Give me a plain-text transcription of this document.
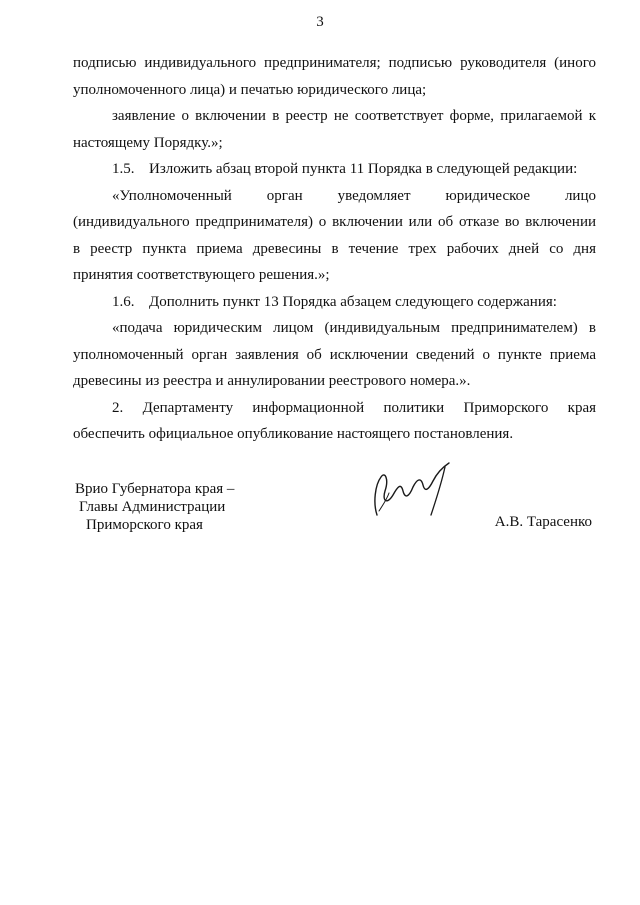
3
подписью индивидуального предпринимателя; подписью руководителя (иного
уполномоченного лица) и печатью юридического лица;
заявление о включении в реестр не соответствует форме, прилагаемой к
настоящему Порядку.»;
1.5. Изложить абзац второй пункта 11 Порядка в следующей редакции:
«Уполномоченный орган уведомляет юридическое лицо
(индивидуального предпринимателя) о включении или об отказе во включении
в реестр пункта приема древесины в течение трех рабочих дней со дня
принятия соответствующего решения.»;
1.6. Дополнить пункт 13 Порядка абзацем следующего содержания:
«подача юридическим лицом (индивидуальным предпринимателем) в
уполномоченный орган заявления об исключении сведений о пункте приема
древесины из реестра и аннулировании реестрового номера.».
2. Департаменту информационной политики Приморского края
обеспечить официальное опубликование настоящего постановления.
Врио Губернатора края –
Главы Администрации
Приморского края	А.В. Тарасенко
